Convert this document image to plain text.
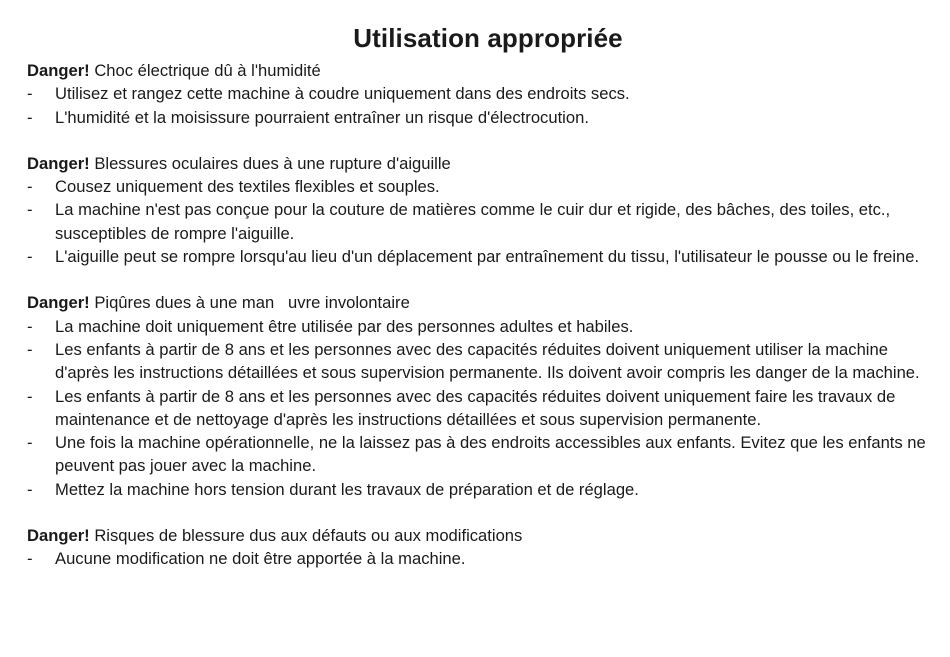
Utilisation appropriée
Danger! Choc électrique dû à l'humidité
- Utilisez et rangez cette machine à coudre uniquement dans des endroits secs.
- L'humidité et la moisissure pourraient entraîner un risque d'électrocution.
Danger! Blessures oculaires dues à une rupture d'aiguille
- Cousez uniquement des textiles flexibles et souples.
- La machine n'est pas conçue pour la couture de matières comme le cuir dur et rigide, des bâches, des toiles, etc., susceptibles de rompre l'aiguille.
- L'aiguille peut se rompre lorsqu'au lieu d'un déplacement par entraînement du tissu, l'utilisateur le pousse ou le freine.
Danger! Piqûres dues à une man   uvre involontaire
- La machine doit uniquement être utilisée par des personnes adultes et habiles.
- Les enfants à partir de 8 ans et les personnes avec des capacités réduites doivent uniquement utiliser la machine d'après les instructions détaillées et sous supervision permanente. Ils doivent avoir compris les danger de la machine.
- Les enfants à partir de 8 ans et les personnes avec des capacités réduites doivent uniquement faire les travaux de maintenance et de nettoyage d'après les instructions détaillées et sous supervision permanente.
- Une fois la machine opérationnelle, ne la laissez pas à des endroits accessibles aux enfants. Evitez que les enfants ne peuvent pas jouer avec la machine.
- Mettez la machine hors tension durant les travaux de préparation et de réglage.
Danger! Risques de blessure dus aux défauts ou aux modifications
- Aucune modification ne doit être apportée à la machine.
